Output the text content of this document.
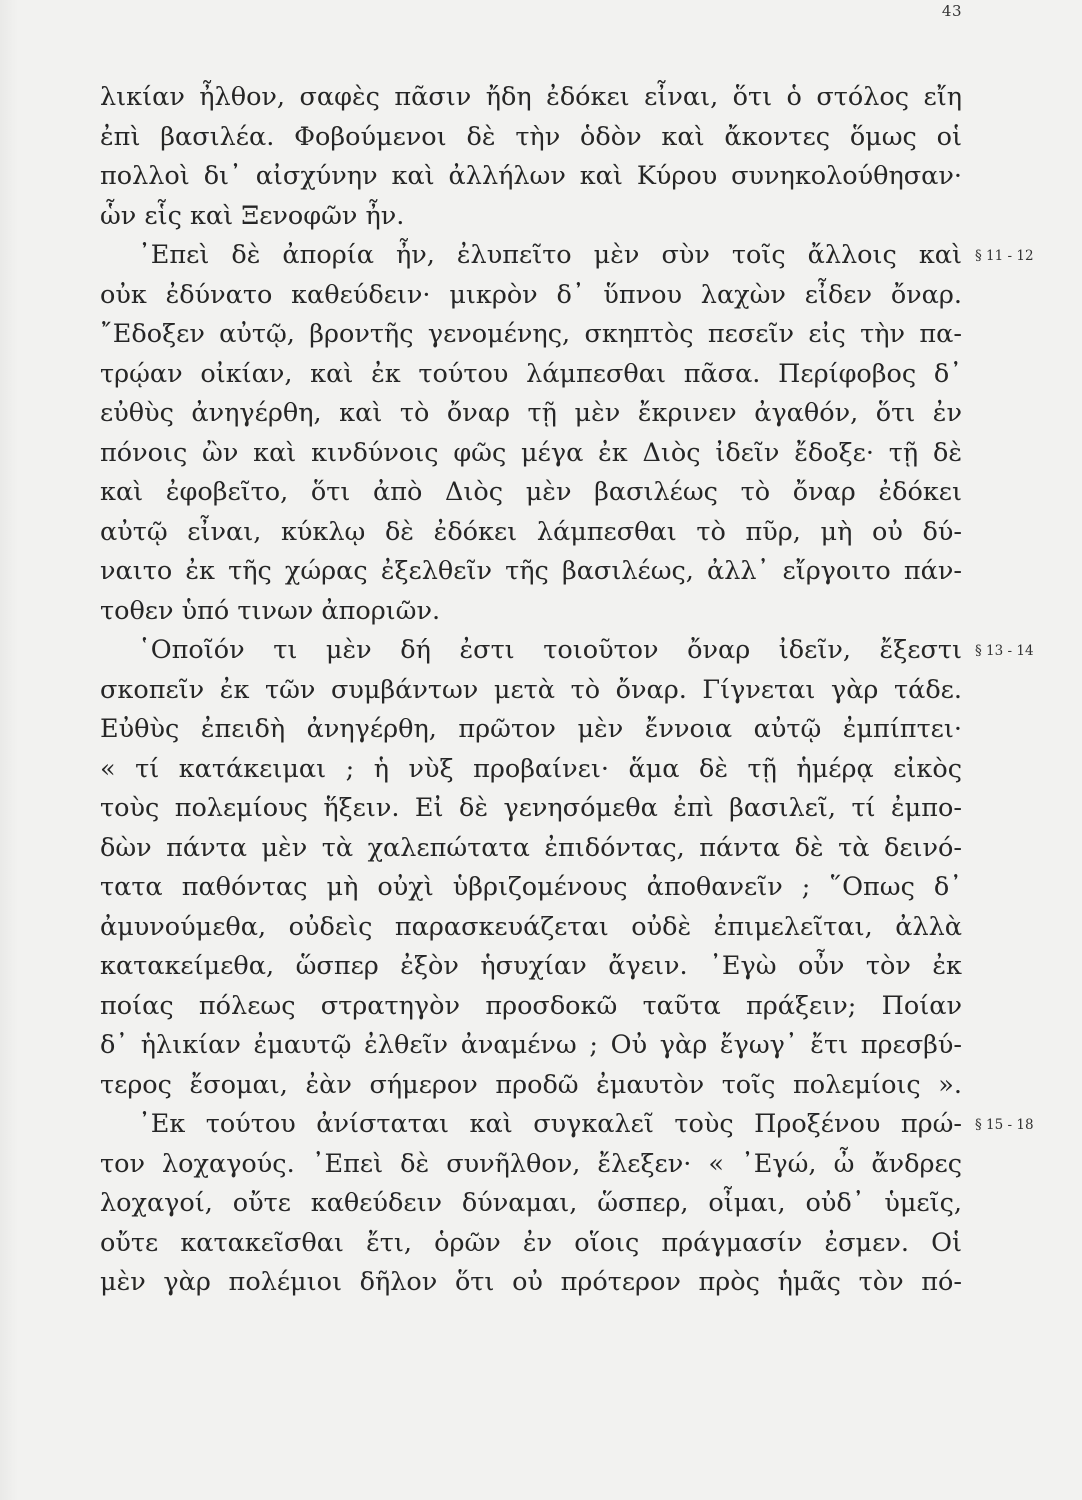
43
λικίαν ἦλθον, σαφὲς πᾶσιν ἤδη ἐδόκει εἶναι, ὅτι ὁ στόλος εἴη
ἐπὶ βασιλέα. Φοβούμενοι δὲ τὴν ὁδὸν καὶ ἄκοντες ὅμως οἱ
πολλοὶ δι᾿ αἰσχύνην καὶ ἀλλήλων καὶ Κύρου συνηκολούθησαν·
ὧν εἷς καὶ Ξενοφῶν ἦν.
᾿Επεὶ δὲ ἀπορία ἦν, ἐλυπεῖτο μὲν σὺν τοῖς ἄλλοις καὶ
οὐκ ἐδύνατο καθεύδειν· μικρὸν δ᾿ ὕπνου λαχὼν εἶδεν ὄναρ.
῎Εδοξεν αὐτῷ, βροντῆς γενομένης, σκηπτὸς πεσεῖν εἰς τὴν πα-
τρῴαν οἰκίαν, καὶ ἐκ τούτου λάμπεσθαι πᾶσα. Περίφοβος δ᾿
εὐθὺς ἀνηγέρθη, καὶ τὸ ὄναρ τῇ μὲν ἔκρινεν ἀγαθόν, ὅτι ἐν
πόνοις ὢν καὶ κινδύνοις φῶς μέγα ἐκ Διὸς ἰδεῖν ἔδοξε· τῇ δὲ
καὶ ἐφοβεῖτο, ὅτι ἀπὸ Διὸς μὲν βασιλέως τὸ ὄναρ ἐδόκει
αὐτῷ εἶναι, κύκλῳ δὲ ἐδόκει λάμπεσθαι τὸ πῦρ, μὴ οὐ δύ-
ναιτο ἐκ τῆς χώρας ἐξελθεῖν τῆς βασιλέως, ἀλλ᾿ εἴργοιτο πάν-
τοθεν ὑπό τινων ἀποριῶν.
῾Οποῖόν τι μὲν δή ἐστι τοιοῦτον ὄναρ ἰδεῖν, ἔξεστι
σκοπεῖν ἐκ τῶν συμβάντων μετὰ τὸ ὄναρ. Γίγνεται γὰρ τάδε.
Εὐθὺς ἐπειδὴ ἀνηγέρθη, πρῶτον μὲν ἔννοια αὐτῷ ἐμπίπτει·
« τί κατάκειμαι ; ἡ νὺξ προβαίνει· ἅμα δὲ τῇ ἡμέρᾳ εἰκὸς
τοὺς πολεμίους ἥξειν. Εἰ δὲ γενησόμεθα ἐπὶ βασιλεῖ, τί ἐμπο-
δὼν πάντα μὲν τὰ χαλεπώτατα ἐπιδόντας, πάντα δὲ τὰ δεινό-
τατα παθόντας μὴ οὐχὶ ὑβριζομένους ἀποθανεῖν ; ῞Οπως δ᾿
ἀμυνούμεθα, οὐδεὶς παρασκευάζεται οὐδὲ ἐπιμελεῖται, ἀλλὰ
κατακείμεθα, ὥσπερ ἐξὸν ἡσυχίαν ἄγειν. ᾿Εγὼ οὖν τὸν ἐκ
ποίας πόλεως στρατηγὸν προσδοκῶ ταῦτα πράξειν; Ποίαν
δ᾿ ἡλικίαν ἐμαυτῷ ἐλθεῖν ἀναμένω ; Οὐ γὰρ ἔγωγ᾿ ἔτι πρεσβύ-
τερος ἔσομαι, ἐὰν σήμερον προδῶ ἐμαυτὸν τοῖς πολεμίοις ».
᾿Εκ τούτου ἀνίσταται καὶ συγκαλεῖ τοὺς Προξένου πρώ-
τον λοχαγούς. ᾿Επεὶ δὲ συνῆλθον, ἔλεξεν· « ᾿Εγώ, ὦ ἄνδρες
λοχαγοί, οὔτε καθεύδειν δύναμαι, ὥσπερ, οἶμαι, οὐδ᾿ ὑμεῖς,
οὔτε κατακεῖσθαι ἔτι, ὁρῶν ἐν οἵοις πράγμασίν ἐσμεν. Οἱ
μὲν γὰρ πολέμιοι δῆλον ὅτι οὐ πρότερον πρὸς ἡμᾶς τὸν πό-
§ 11 - 12
§ 13 - 14
§ 15 - 18
